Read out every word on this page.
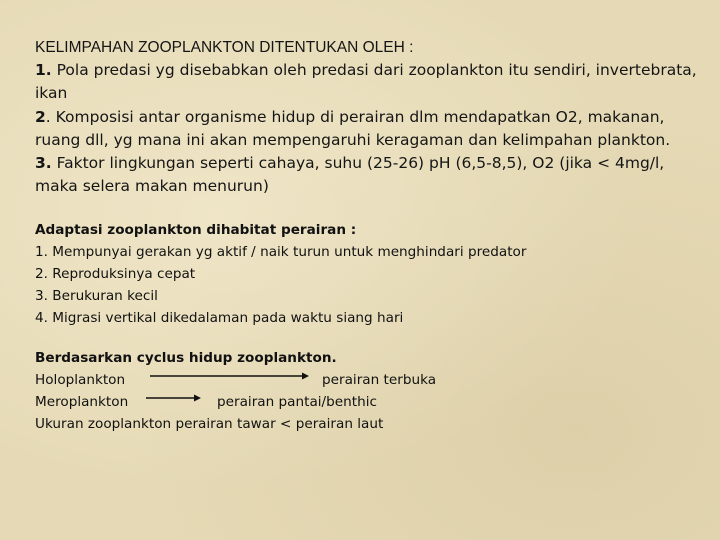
KELIMPAHAN ZOOPLANKTON DITENTUKAN OLEH :
1. Pola predasi yg disebabkan oleh predasi dari zooplankton itu sendiri, invertebrata, ikan
2. Komposisi antar organisme hidup di perairan dlm mendapatkan O2, makanan, ruang dll, yg mana ini akan mempengaruhi keragaman dan kelimpahan plankton.
3. Faktor lingkungan seperti cahaya, suhu (25-26) pH (6,5-8,5), O2 (jika < 4mg/l, maka selera makan menurun)
Adaptasi zooplankton dihabitat perairan :
1. Mempunyai gerakan yg aktif / naik turun untuk menghindari predator
2. Reproduksinya cepat
3. Berukuran kecil
4. Migrasi vertikal dikedalaman pada waktu siang hari
Berdasarkan cyclus hidup zooplankton.
Holoplankton	perairan terbuka
Meroplankton	perairan pantai/benthic
Ukuran zooplankton perairan tawar < perairan laut
